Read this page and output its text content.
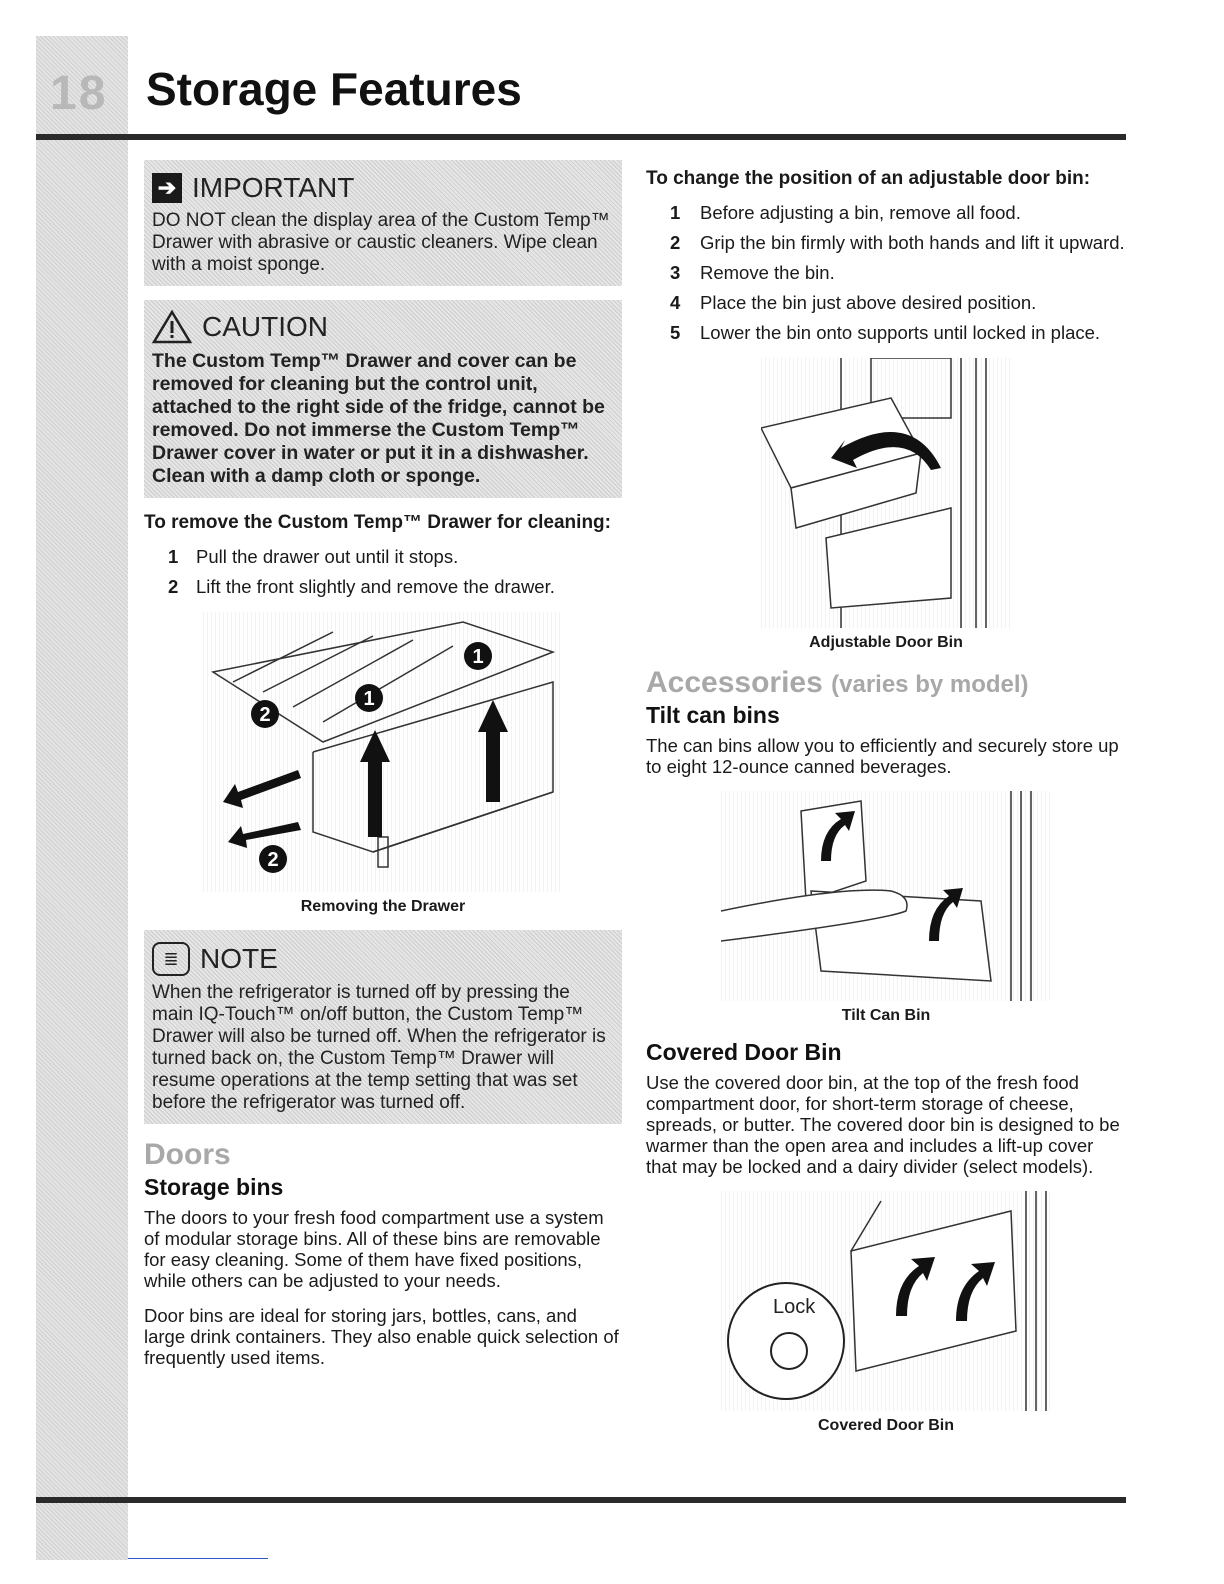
18 Storage Features
➔ IMPORTANT
DO NOT clean the display area of the Custom Temp™ Drawer with abrasive or caustic cleaners. Wipe clean with a moist sponge.
CAUTION
The Custom Temp™ Drawer and cover can be removed for cleaning but the control unit, attached to the right side of the fridge, cannot be removed. Do not immerse the Custom Temp™ Drawer cover in water or put it in a dishwasher. Clean with a damp cloth or sponge.
To remove the Custom Temp™ Drawer for cleaning:
1 Pull the drawer out until it stops.
2 Lift the front slightly and remove the drawer.
1
1
2
2
Removing the Drawer
≣ NOTE
When the refrigerator is turned off by pressing the main IQ-Touch™ on/off button, the Custom Temp™ Drawer will also be turned off. When the refrigerator is turned back on, the Custom Temp™ Drawer will resume operations at the temp setting that was set before the refrigerator was turned off.
Doors
Storage bins

The doors to your fresh food compartment use a system of modular storage bins. All of these bins are removable for easy cleaning. Some of them have fixed positions, while others can be adjusted to your needs.

Door bins are ideal for storing jars, bottles, cans, and large drink containers. They also enable quick selection of frequently used items.

To change the position of an adjustable door bin:
1	Before adjusting a bin, remove all food.
2	Grip the bin firmly with both hands and lift it upward.
3	Remove the bin.
4	Place the bin just above desired position.
5	Lower the bin onto supports until locked in place.
Adjustable Door Bin
Accessories (varies by model)
Tilt can bins

The can bins allow you to efficiently and securely store up to eight 12-ounce canned beverages.

Tilt Can Bin
Covered Door Bin

Use the covered door bin, at the top of the fresh food compartment door, for short-term storage of cheese, spreads, or butter. The covered door bin is designed to be warmer than the open area and includes a lift-up cover that may be locked and a dairy divider (select models).

Lock
Covered Door Bin
